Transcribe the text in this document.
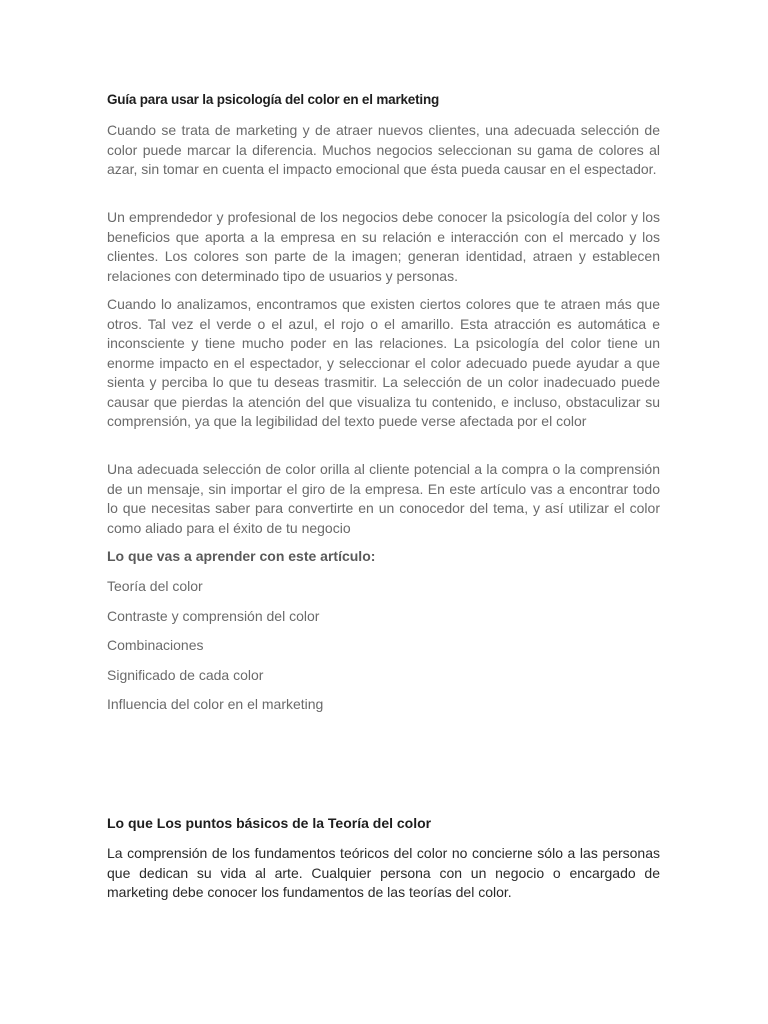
Guía para usar la psicología del color en el marketing

Cuando se trata de marketing y de atraer nuevos clientes, una adecuada selección de color puede marcar la diferencia. Muchos negocios seleccionan su gama de colores al azar, sin tomar en cuenta el impacto emocional que ésta pueda causar en el espectador.

Un emprendedor y profesional de los negocios debe conocer la psicología del color y los beneficios que aporta a la empresa en su relación e interacción con el mercado y los clientes. Los colores son parte de la imagen; generan identidad, atraen y establecen relaciones con determinado tipo de usuarios y personas.

Cuando lo analizamos, encontramos que existen ciertos colores que te atraen más que otros. Tal vez el verde o el azul, el rojo o el amarillo. Esta atracción es automática e inconsciente y tiene mucho poder en las relaciones. La psicología del color tiene un enorme impacto en el espectador, y seleccionar el color adecuado puede ayudar a que sienta y perciba lo que tu deseas trasmitir. La selección de un color inadecuado puede causar que pierdas la atención del que visualiza tu contenido, e incluso, obstaculizar su comprensión, ya que la legibilidad del texto puede verse afectada por el color

Una adecuada selección de color orilla al cliente potencial a la compra o la comprensión de un mensaje, sin importar el giro de la empresa. En este artículo vas a encontrar todo lo que necesitas saber para convertirte en un conocedor del tema, y así utilizar el color como aliado para el éxito de tu negocio

Lo que vas a aprender con este artículo:
Teoría del color
Contraste y comprensión del color
Combinaciones
Significado de cada color
Influencia del color en el marketing
Lo que Los puntos básicos de la Teoría del color

La comprensión de los fundamentos teóricos del color no concierne sólo a las personas que dedican su vida al arte. Cualquier persona con un negocio o encargado de marketing debe conocer los fundamentos de las teorías del color.
